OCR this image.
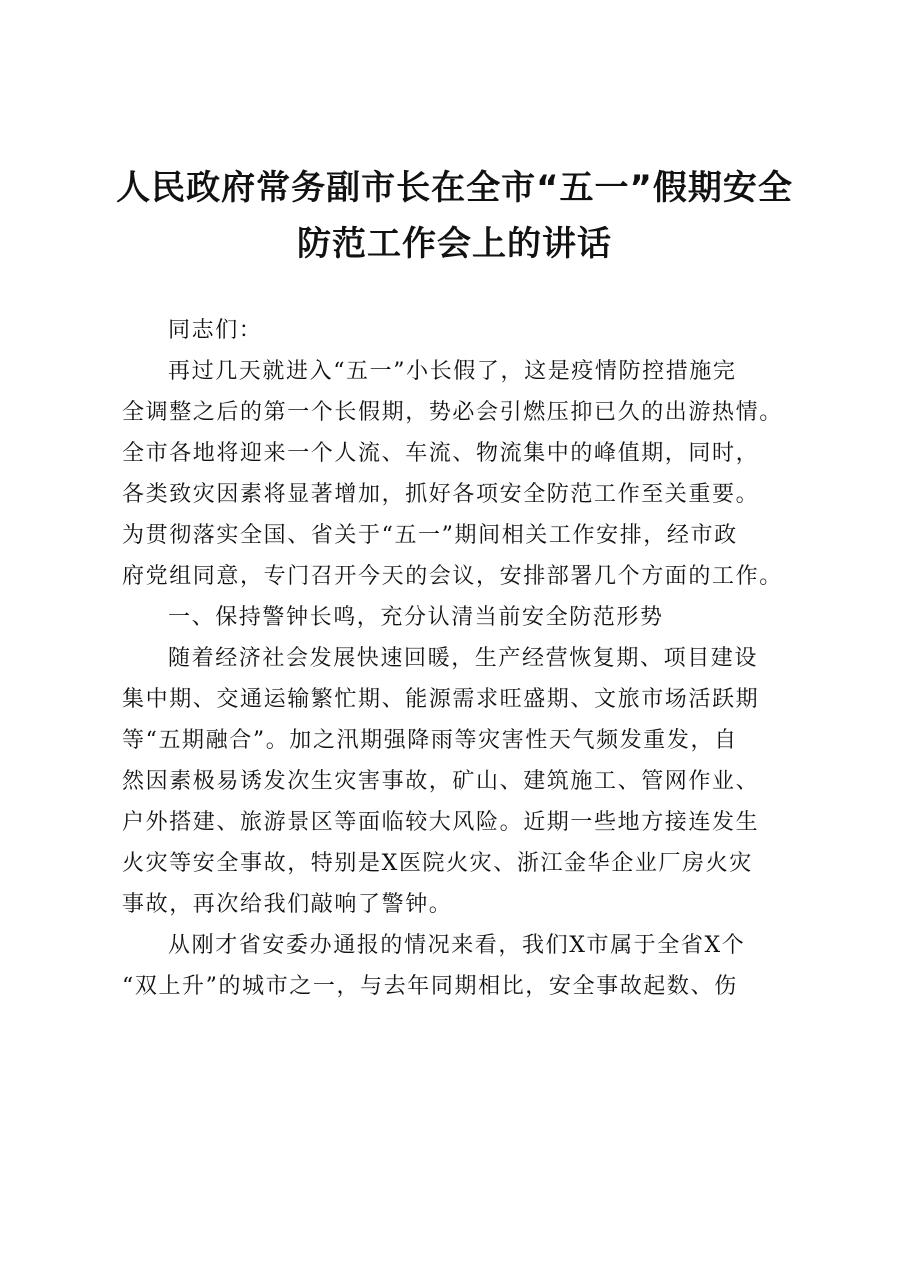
人民政府常务副市长在全市“五一”假期安全
防范工作会上的讲话
同志们：
再过几天就进入“五一”小长假了，这是疫情防控措施完
全调整之后的第一个长假期，势必会引燃压抑已久的出游热情。
全市各地将迎来一个人流、车流、物流集中的峰值期，同时，
各类致灾因素将显著增加，抓好各项安全防范工作至关重要。
为贯彻落实全国、省关于“五一”期间相关工作安排，经市政
府党组同意，专门召开今天的会议，安排部署几个方面的工作。
一、保持警钟长鸣，充分认清当前安全防范形势
随着经济社会发展快速回暖，生产经营恢复期、项目建设
集中期、交通运输繁忙期、能源需求旺盛期、文旅市场活跃期
等“五期融合”。加之汛期强降雨等灾害性天气频发重发，自
然因素极易诱发次生灾害事故，矿山、建筑施工、管网作业、
户外搭建、旅游景区等面临较大风险。近期一些地方接连发生
火灾等安全事故，特别是X医院火灾、浙江金华企业厂房火灾
事故，再次给我们敲响了警钟。
从刚才省安委办通报的情况来看，我们X市属于全省X个
“双上升”的城市之一，与去年同期相比，安全事故起数、伤
